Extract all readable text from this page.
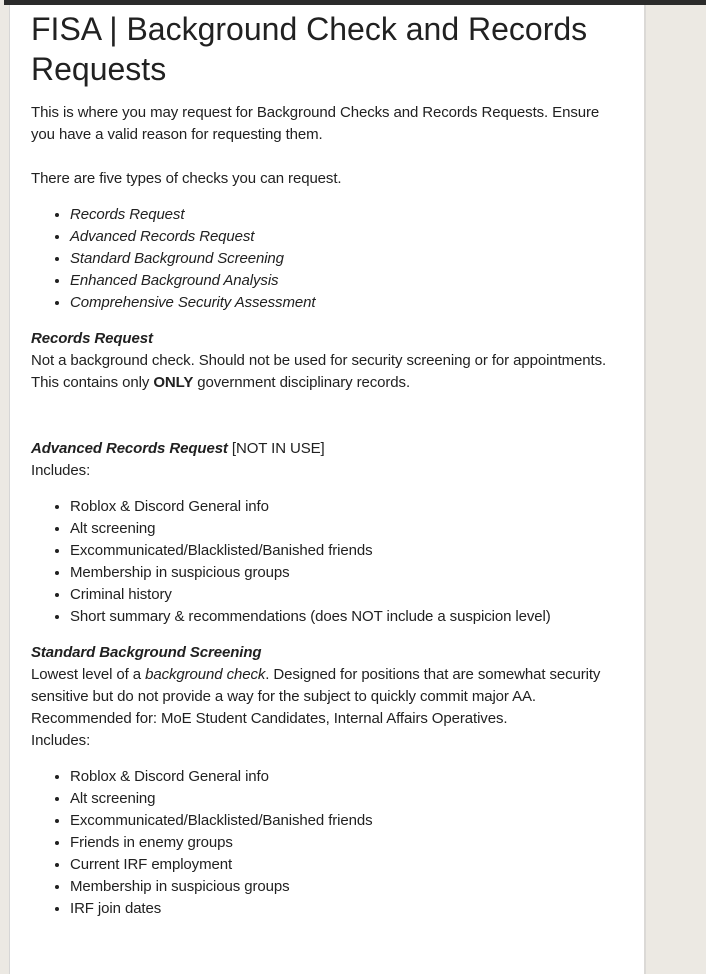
FISA | Background Check and Records Requests

This is where you may request for Background Checks and Records Requests. Ensure you have a valid reason for requesting them.

There are five types of checks you can request.

• Records Request
• Advanced Records Request
• Standard Background Screening
• Enhanced Background Analysis
• Comprehensive Security Assessment

Records Request

Not a background check. Should not be used for security screening or for appointments.

This contains only ONLY government disciplinary records.

Advanced Records Request [NOT IN USE]

Includes:

• Roblox & Discord General info
• Alt screening
• Excommunicated/Blacklisted/Banished friends
• Membership in suspicious groups
• Criminal history
• Short summary & recommendations (does NOT include a suspicion level)

Standard Background Screening

Lowest level of a background check. Designed for positions that are somewhat security sensitive but do not provide a way for the subject to quickly commit major AA.

Recommended for: MoE Student Candidates, Internal Affairs Operatives.

Includes:

• Roblox & Discord General info
• Alt screening
• Excommunicated/Blacklisted/Banished friends
• Friends in enemy groups
• Current IRF employment
• Membership in suspicious groups
• IRF join dates
